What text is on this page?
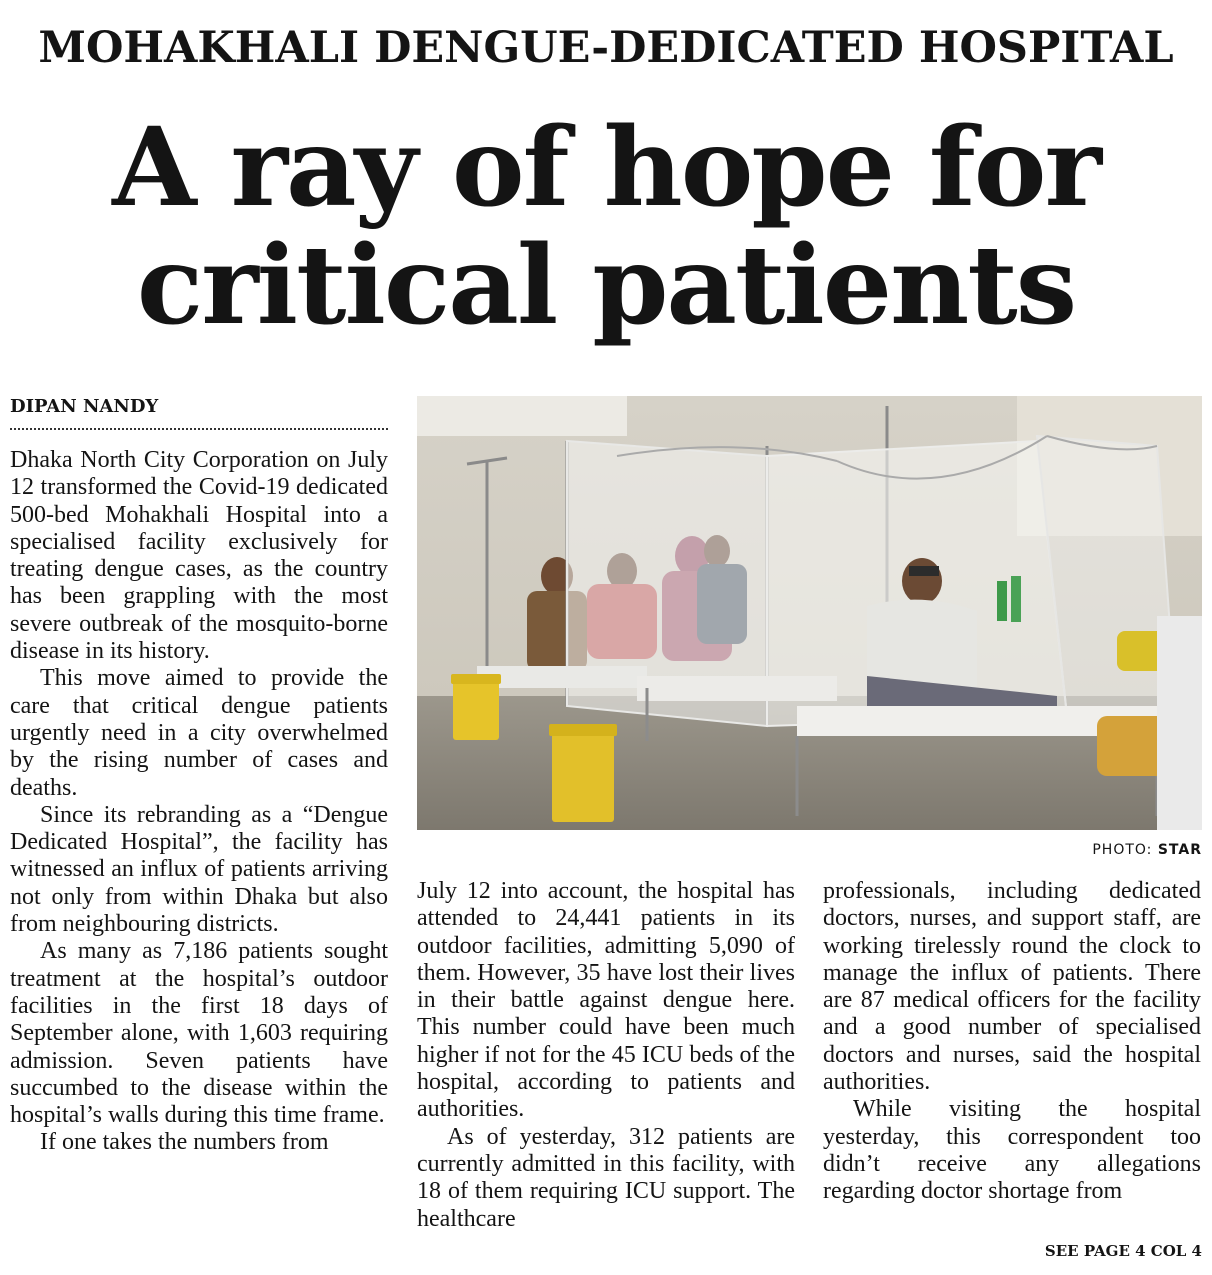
MOHAKHALI DENGUE-DEDICATED HOSPITAL
A ray of hope for
critical patients

DIPAN NANDY

Dhaka North City Corporation on July 12 transformed the Covid-19 dedicated 500-bed Mohakhali Hospital into a specialised facility exclusively for treating dengue cases, as the country has been grappling with the most severe outbreak of the mosquito-borne disease in its history.

This move aimed to provide the care that critical dengue patients urgently need in a city overwhelmed by the rising number of cases and deaths.

Since its rebranding as a “Dengue Dedicated Hospital”, the facility has witnessed an influx of patients arriving not only from within Dhaka but also from neighbouring districts.

As many as 7,186 patients sought treatment at the hospital’s outdoor facilities in the first 18 days of September alone, with 1,603 requiring admission. Seven patients have succumbed to the disease within the hospital’s walls during this time frame.

If one takes the numbers from

PHOTO: STAR

July 12 into account, the hospital has attended to 24,441 patients in its outdoor facilities, admitting 5,090 of them. However, 35 have lost their lives in their battle against dengue here. This number could have been much higher if not for the 45 ICU beds of the hospital, according to patients and authorities.

As of yesterday, 312 patients are currently admitted in this facility, with 18 of them requiring ICU support. The healthcare

professionals, including dedicated doctors, nurses, and support staff, are working tirelessly round the clock to manage the influx of patients. There are 87 medical officers for the facility and a good number of specialised doctors and nurses, said the hospital authorities.

While visiting the hospital yesterday, this correspondent too didn’t receive any allegations regarding doctor shortage from

SEE PAGE 4 COL 4
